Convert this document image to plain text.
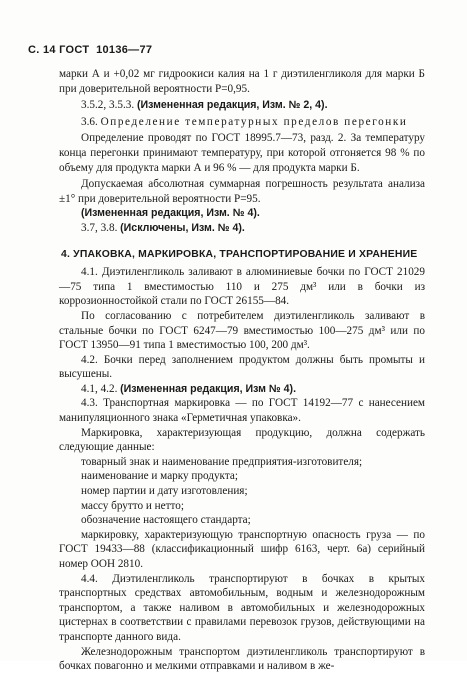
С. 14 ГОСТ  10136—77

марки А и +0,02 мг гидроокиси калия на 1 г диэтиленгликоля для марки Б при доверительной вероятности P=0,95.

3.5.2, 3.5.3. (Измененная редакция, Изм. № 2, 4).

3.6. Определение температурных пределов перегонки

Определение проводят по ГОСТ 18995.7—73, разд. 2. За температуру конца перегонки принимают температуру, при которой отгоняется 98 % по объему для продукта марки А и 96 % — для продукта марки Б.

Допускаемая абсолютная суммарная погрешность результата анализа ±1° при доверительной вероятности P=95.

(Измененная редакция, Изм. № 4).

3.7, 3.8. (Исключены, Изм. № 4).

4. УПАКОВКА, МАРКИРОВКА, ТРАНСПОРТИРОВАНИЕ И ХРАНЕНИЕ

4.1. Диэтиленгликоль заливают в алюминиевые бочки по ГОСТ 21029—75 типа 1 вместимостью 110 и 275 дм³ или в бочки из коррозионностойкой стали по ГОСТ 26155—84.

По согласованию с потребителем диэтиленгликоль заливают в стальные бочки по ГОСТ 6247—79 вместимостью 100—275 дм³ или по ГОСТ 13950—91 типа 1 вместимостью 100, 200 дм³.

4.2. Бочки перед заполнением продуктом должны быть промыты и высушены.

4.1, 4.2. (Измененная редакция, Изм № 4).

4.3. Транспортная маркировка — по ГОСТ 14192—77 с нанесением манипуляционного знака «Герметичная упаковка».

Маркировка, характеризующая продукцию, должна содержать следующие данные:

товарный знак и наименование предприятия-изготовителя;

наименование и марку продукта;

номер партии и дату изготовления;

массу брутто и нетто;

обозначение настоящего стандарта;

маркировку, характеризующую транспортную опасность груза — по ГОСТ 19433—88 (классификационный шифр 6163, черт. 6а) серийный номер ООН 2810.

4.4. Диэтиленгликоль транспортируют в бочках в крытых транспортных средствах автомобильным, водным и железнодорожным транспортом, а также наливом в автомобильных и железнодорожных цистернах в соответствии с правилами перевозок грузов, действующими на транспорте данного вида.

Железнодорожным транспортом диэтиленгликоль транспортируют в бочках повагонно и мелкими отправками и наливом в же-
